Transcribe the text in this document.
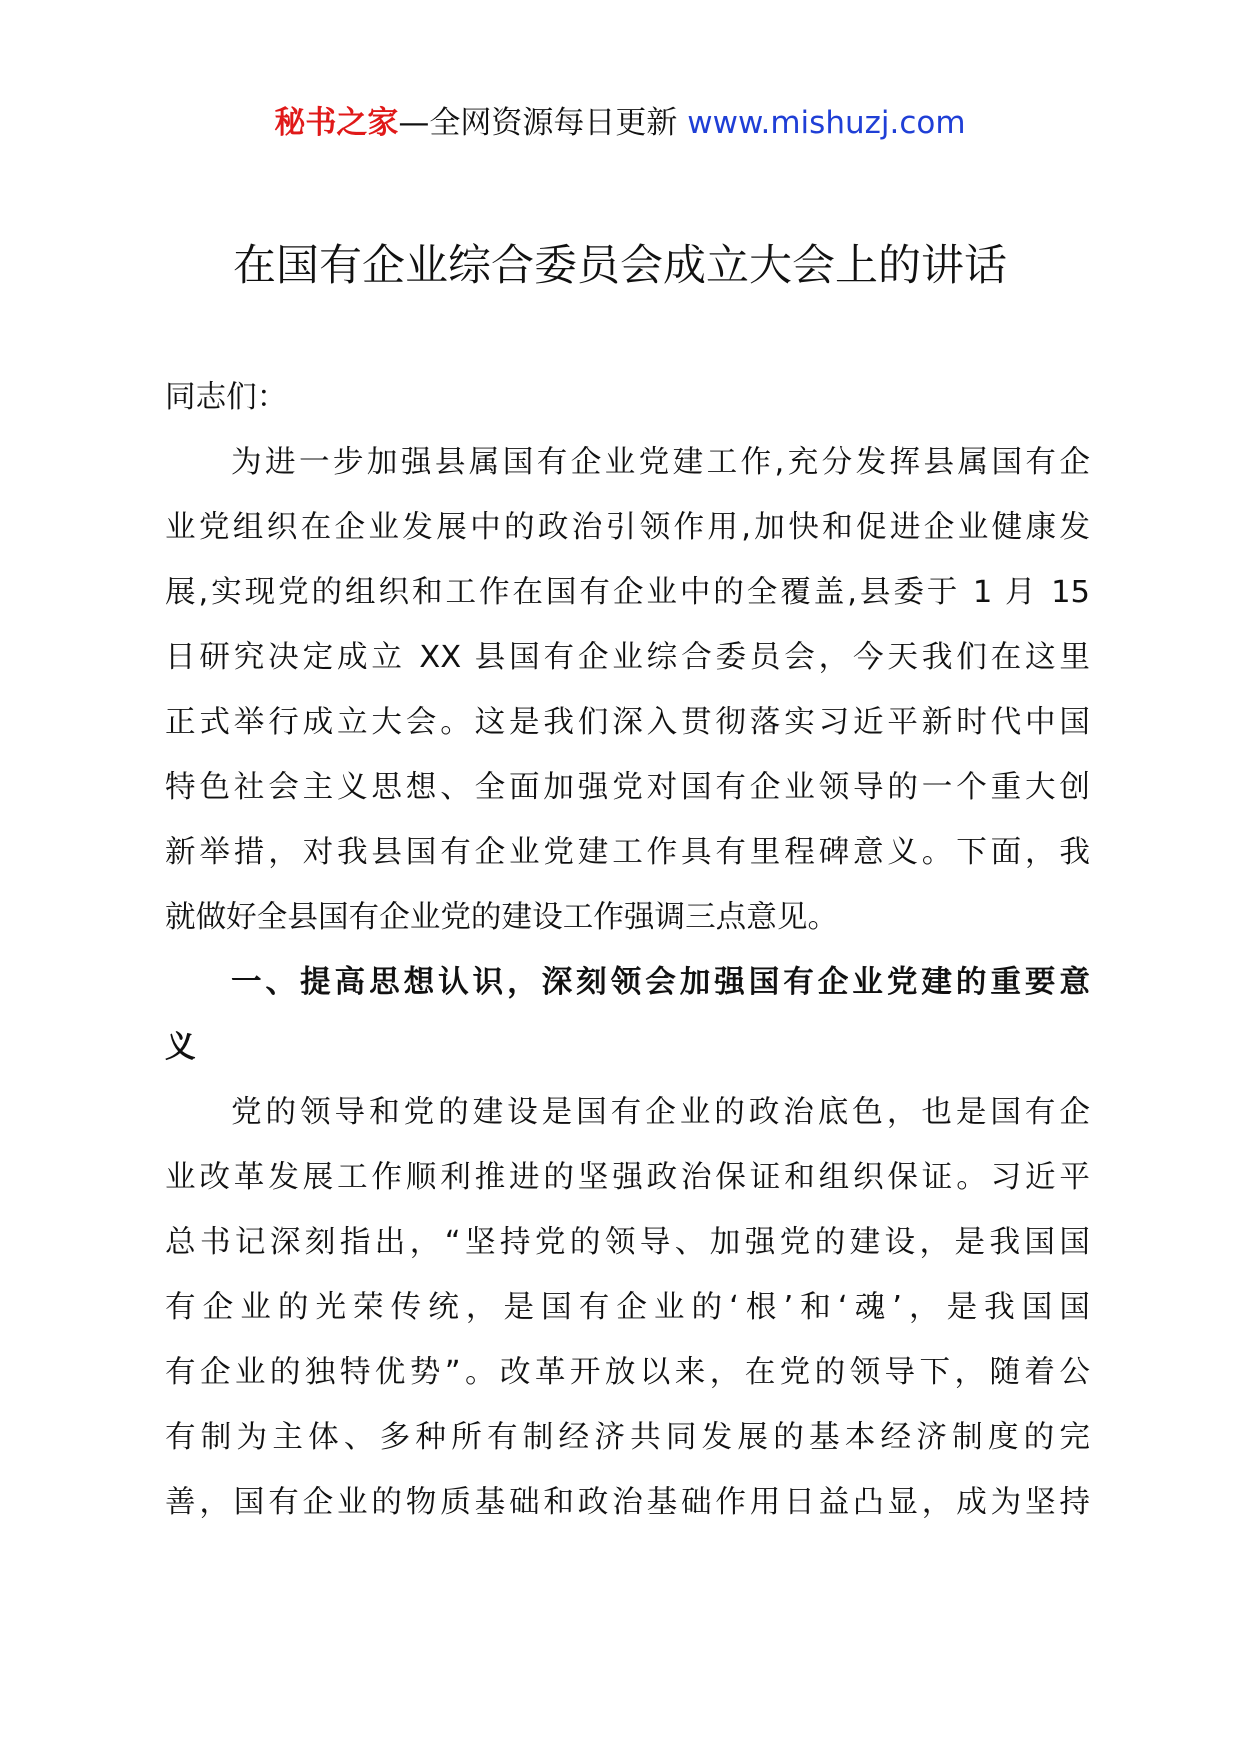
秘书之家—全网资源每日更新 www.mishuzj.com
在国有企业综合委员会成立大会上的讲话
同志们：
为进一步加强县属国有企业党建工作,充分发挥县属国有企
业党组织在企业发展中的政治引领作用,加快和促进企业健康发
展,实现党的组织和工作在国有企业中的全覆盖,县委于 1 月 15
日研究决定成立 XX 县国有企业综合委员会，今天我们在这里
正式举行成立大会。这是我们深入贯彻落实习近平新时代中国
特色社会主义思想、全面加强党对国有企业领导的一个重大创
新举措，对我县国有企业党建工作具有里程碑意义。下面，我
就做好全县国有企业党的建设工作强调三点意见。
一、提高思想认识，深刻领会加强国有企业党建的重要意
义
党的领导和党的建设是国有企业的政治底色，也是国有企
业改革发展工作顺利推进的坚强政治保证和组织保证。习近平
总书记深刻指出，“坚持党的领导、加强党的建设，是我国国
有企业的光荣传统，是国有企业的‘根’和‘魂’，是我国国
有企业的独特优势”。改革开放以来，在党的领导下，随着公
有制为主体、多种所有制经济共同发展的基本经济制度的完
善，国有企业的物质基础和政治基础作用日益凸显，成为坚持
